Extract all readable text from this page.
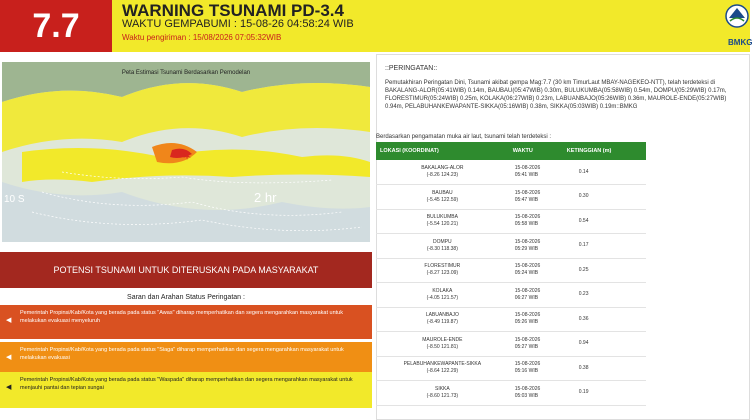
7.7	WARNING TSUNAMI PD-3.4
WAKTU GEMPABUMI : 15-08-26 04:58:24 WIB
Waktu pengiriman : 15/08/2026 07:05:32WIB
BMKG
✶
2 hr
10 S
Peta Estimasi Tsunami Berdasarkan Pemodelan
POTENSI TSUNAMI UNTUK DITERUSKAN PADA MASYARAKAT
Saran dan Arahan Status Peringatan :
◀
Pemerintah Propinsi/Kab/Kota yang berada pada status "Awas" diharap memperhatikan dan segera mengarahkan masyarakat untuk melakukan evakuasi menyeluruh
◀
Pemerintah Propinsi/Kab/Kota yang berada pada status "Siaga" diharap memperhatikan dan segera mengarahkan masyarakat untuk melakukan evakuasi
◀
Pemerintah Propinsi/Kab/Kota yang berada pada status "Waspada" diharap memperhatikan dan segera mengarahkan masyarakat untuk menjauhi pantai dan tepian sungai
::PERINGATAN::
Pemutakhiran Peringatan Dini, Tsunami akibat gempa Mag:7.7 (30 km TimurLaut MBAY-NAGEKEO-NTT), telah terdeteksi di BAKALANG-ALOR(05:41WIB) 0.14m, BAUBAU(05:47WIB) 0.30m, BULUKUMBA(05:58WIB) 0.54m, DOMPU(05:29WIB) 0.17m, FLORESTIMUR(05:24WIB) 0.25m, KOLAKA(06:27WIB) 0.23m, LABUANBAJO(05:26WIB) 0.36m, MAUROLE-ENDE(05:27WIB) 0.94m, PELABUHANKEWAPANTE-SIKKA(05:16WIB) 0.38m, SIKKA(05:03WIB) 0.19m::BMKG
Berdasarkan pengamatan muka air laut, tsunami telah terdeteksi :
LOKASI (KOORDINAT)	WAKTU	KETINGGIAN (m)
BAKALANG-ALOR
(-8.26 124.23)	15-08-2026
05:41 WIB	0.14
BAUBAU
(-5.45 122.59)	15-08-2026
05:47 WIB	0.30
BULUKUMBA
(-5.54 120.21)	15-08-2026
05:58 WIB	0.54
DOMPU
(-8.30 118.38)	15-08-2026
05:29 WIB	0.17
FLORESTIMUR
(-8.27 123.09)	15-08-2026
05:24 WIB	0.25
KOLAKA
(-4.05 121.57)	15-08-2026
06:27 WIB	0.23
LABUANBAJO
(-8.49 119.87)	15-08-2026
05:26 WIB	0.36
MAUROLE-ENDE
(-8.50 121.81)	15-08-2026
05:27 WIB	0.94
PELABUHANKEWAPANTE-SIKKA
(-8.64 122.29)	15-08-2026
05:16 WIB	0.38
SIKKA
(-8.60 121.73)	15-08-2026
05:03 WIB	0.19
